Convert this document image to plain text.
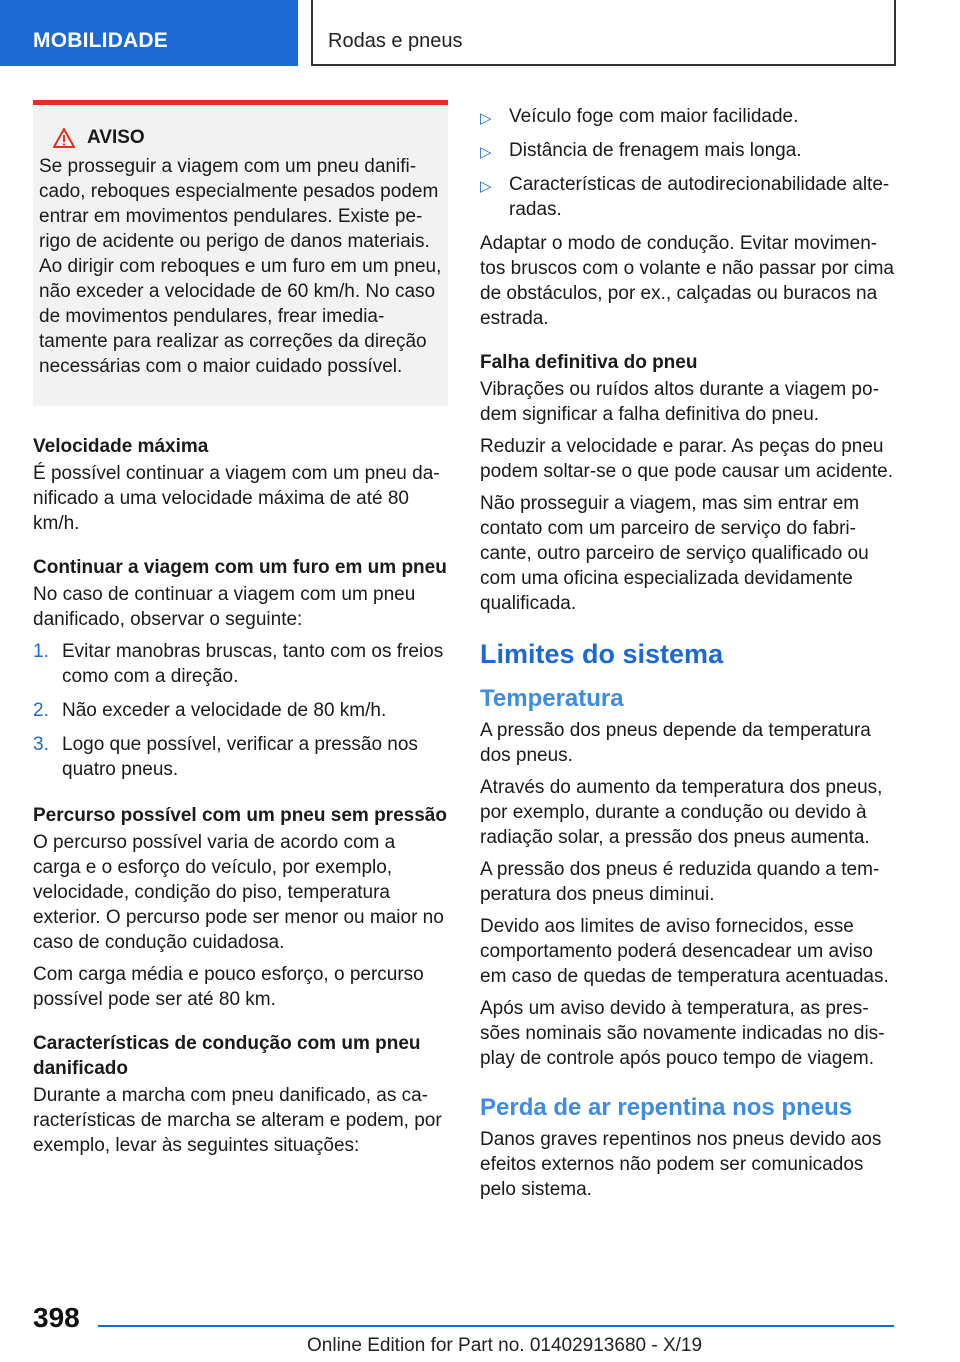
MOBILIDADE	Rodas e pneus
AVISO

Se prosseguir a viagem com um pneu danificado, reboques especialmente pesados podem entrar em movimentos pendulares. Existe perigo de acidente ou perigo de danos materiais. Ao dirigir com reboques e um furo em um pneu, não exceder a velocidade de 60 km/h. No caso de movimentos pendulares, frear imediatamente para realizar as correções da direção necessárias com o maior cuidado possível.

Velocidade máxima

É possível continuar a viagem com um pneu danificado a uma velocidade máxima de até 80 km/h.

Continuar a viagem com um furo em um pneu

No caso de continuar a viagem com um pneu danificado, observar o seguinte:

1. Evitar manobras bruscas, tanto com os freios como com a direção.
2. Não exceder a velocidade de 80 km/h.
3. Logo que possível, verificar a pressão nos quatro pneus.
Percurso possível com um pneu sem pressão

O percurso possível varia de acordo com a carga e o esforço do veículo, por exemplo, velocidade, condição do piso, temperatura exterior. O percurso pode ser menor ou maior no caso de condução cuidadosa.

Com carga média e pouco esforço, o percurso possível pode ser até 80 km.

Características de condução com um pneu danificado

Durante a marcha com pneu danificado, as características de marcha se alteram e podem, por exemplo, levar às seguintes situações:

▷ Veículo foge com maior facilidade.
▷ Distância de frenagem mais longa.
▷ Características de autodirecionabilidade alteradas.

Adaptar o modo de condução. Evitar movimentos bruscos com o volante e não passar por cima de obstáculos, por ex., calçadas ou buracos na estrada.

Falha definitiva do pneu

Vibrações ou ruídos altos durante a viagem podem significar a falha definitiva do pneu.

Reduzir a velocidade e parar. As peças do pneu podem soltar-se o que pode causar um acidente.

Não prosseguir a viagem, mas sim entrar em contato com um parceiro de serviço do fabricante, outro parceiro de serviço qualificado ou com uma oficina especializada devidamente qualificada.

Limites do sistema
Temperatura

A pressão dos pneus depende da temperatura dos pneus.

Através do aumento da temperatura dos pneus, por exemplo, durante a condução ou devido à radiação solar, a pressão dos pneus aumenta.

A pressão dos pneus é reduzida quando a temperatura dos pneus diminui.

Devido aos limites de aviso fornecidos, esse comportamento poderá desencadear um aviso em caso de quedas de temperatura acentuadas.

Após um aviso devido à temperatura, as pressões nominais são novamente indicadas no display de controle após pouco tempo de viagem.

Perda de ar repentina nos pneus

Danos graves repentinos nos pneus devido aos efeitos externos não podem ser comunicados pelo sistema.

398
Online Edition for Part no. 01402913680 - X/19
